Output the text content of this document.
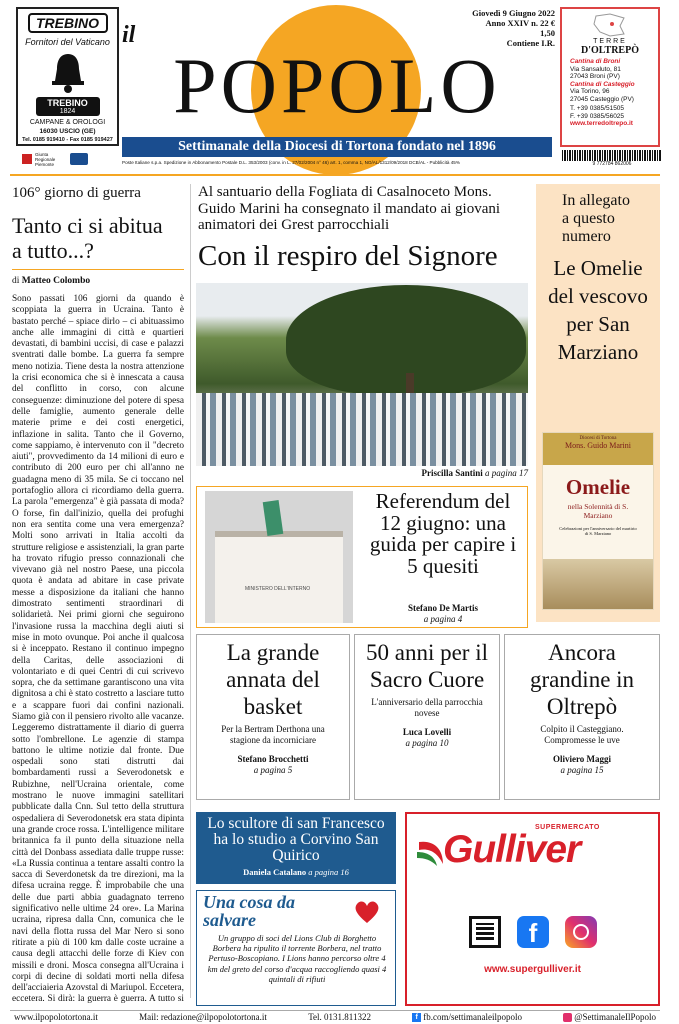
TREBINO
Fornitori del Vaticano
TREBINO
1824
CAMPANE & OROLOGI
16030 USCIO (GE)
Tel. 0185 919410 - Fax 0185 919427
Giunta Regionale Piemonte
il
POPOLO
Settimanale della Diocesi di Tortona fondato nel 1896
Giovedì 9 Giugno 2022
Anno XXIV n. 22 € 1,50
Contiene I.R.
Poste Italiane s.p.a. Spedizione in Abbonamento Postale D.L. 353/2003 (conv. in L. 27/02/2004 n° 46) art. 1, comma 1, NO/AL/1312/09/2018 DCB/AL - Pubblicità 45%
TERRE
D'OLTREPÒ
Cantina di Broni
Via Sansaluto, 81
27043 Broni (PV)
Cantina di Casteggio
Via Torino, 96
27045 Casteggio (PV)
T. +39 0385/51505
F. +39 0385/56025
www.terredoltrepo.it
9 772784 862006
106° giorno di guerra
Tanto ci si abitua a tutto...?
di Matteo Colombo

Sono passati 106 giorni da quando è scoppiata la guerra in Ucraina. Tanto è bastato perché – spiace dirlo – ci abituassimo anche alle immagini di città e quartieri devastati, di bambini uccisi, di case e palazzi sventrati dalle bombe. La guerra fa sempre meno notizia. Tiene desta la nostra attenzione la crisi economica che si è innescata a causa del conflitto in corso, con alcune conseguenze: diminuzione del potere di spesa delle famiglie, aumento generale delle materie prime e dei costi energetici, inflazione in salita. Tanto che il Governo, come sappiamo, è intervenuto con il "decreto aiuti", provvedimento da 14 milioni di euro e contributo di 200 euro per chi all'anno ne guadagna meno di 35 mila. Se ci toccano nel portafoglio allora ci ricordiamo della guerra. La parola "emergenza" è già passata di moda? O forse, fin dall'inizio, quella dei profughi non era sentita come una vera emergenza? Molti sono arrivati in Italia accolti da strutture religiose e assistenziali, la gran parte ha trovato rifugio presso connazionali che vivevano già nel nostro Paese, una piccola quota è andata ad abitare in case private messe a disposizione da italiani che hanno dimostrato sentimenti straordinari di solidarietà. Nei primi giorni che seguirono l'invasione russa la macchina degli aiuti si mise in moto ovunque. Poi anche il qualcosa si è inceppato. Restano il continuo impegno della Caritas, delle associazioni di volontariato e di quei Centri di cui scrivevo sopra, che da settimane garantiscono una vita dignitosa a chi è stato costretto a lasciare tutto e a scappare fuori dai confini nazionali. Siamo già con il pensiero rivolto alle vacanze. Leggeremo distrattamente il diario di guerra sotto l'ombrellone. Le agenzie di stampa battono le ultime notizie dal fronte. Due ospedali sono stati distrutti dai bombardamenti russi a Severodonetsk e Rubizhne, nell'Ucraina orientale, come mostrano le nuove immagini satellitari pubblicate dalla Cnn. Sul tetto della struttura ospedaliera di Severodonetsk era stata dipinta una grande croce rossa. L'intelligence militare britannica fa il punto della situazione nella città del Donbass assediata dalle truppe russe: «La Russia continua a tentare assalti contro la sacca di Severdonetsk da tre direzioni, ma la difesa ucraina regge. È improbabile che una delle due parti abbia guadagnato terreno significativo nelle ultime 24 ore». La Marina ucraina, ripresa dalla Cnn, comunica che le navi della flotta russa del Mar Nero si sono ritirate a più di 100 km dalle coste ucraine a causa degli attacchi delle forze di Kiev con missili e droni. Mosca consegna all'Ucraina i corpi di decine di soldati morti nella difesa dell'acciaieria Azovstal di Mariupol. Eccetera, eccetera. Si dirà: la guerra è guerra. A tutto si

Al santuario della Fogliata di Casalnoceto Mons. Guido Marini ha consegnato il mandato ai giovani animatori dei Grest parrocchiali
Con il respiro del Signore
Priscilla Santini a pagina 17
In allegato
a questo
numero
Le Omelie del vescovo per San Marziano
Diocesi di Tortona
Mons. Guido Marini
Omelie
nella Solennità di S. Marziano
Celebrazioni per l'anniversario del martirio di S. Marziano
MINISTERO DELL'INTERNO
Referendum del 12 giugno: una guida per capire i 5 quesiti
Stefano De Martis
a pagina 4
La grande annata del basket
Per la Bertram Derthona una stagione da incorniciare
Stefano Brocchetti
a pagina 5
50 anni per il Sacro Cuore
L'anniversario della parrocchia novese
Luca Lovelli
a pagina 10
Ancora grandine in Oltrepò
Colpito il Casteggiano. Compromesse le uve
Oliviero Maggi
a pagina 15
Lo scultore di san Francesco ha lo studio a Corvino San Quirico
Daniela Catalano a pagina 16
Una cosa da salvare
Un gruppo di soci del Lions Club di Borghetto Borbera ha ripulito il torrente Borbera, nel tratto Pertuso-Boscopiano. I Lions hanno percorso oltre 4 km del greto del corso d'acqua raccogliendo quasi 4 quintali di rifiuti
SUPERMERCATO
Gulliver
f
www.supergulliver.it
www.ilpopolotortona.it	Mail: redazione@ilpopolotortona.it	Tel. 0131.811322	f fb.com/settimanaleilpopolo	@SettimanaleIlPopolo
